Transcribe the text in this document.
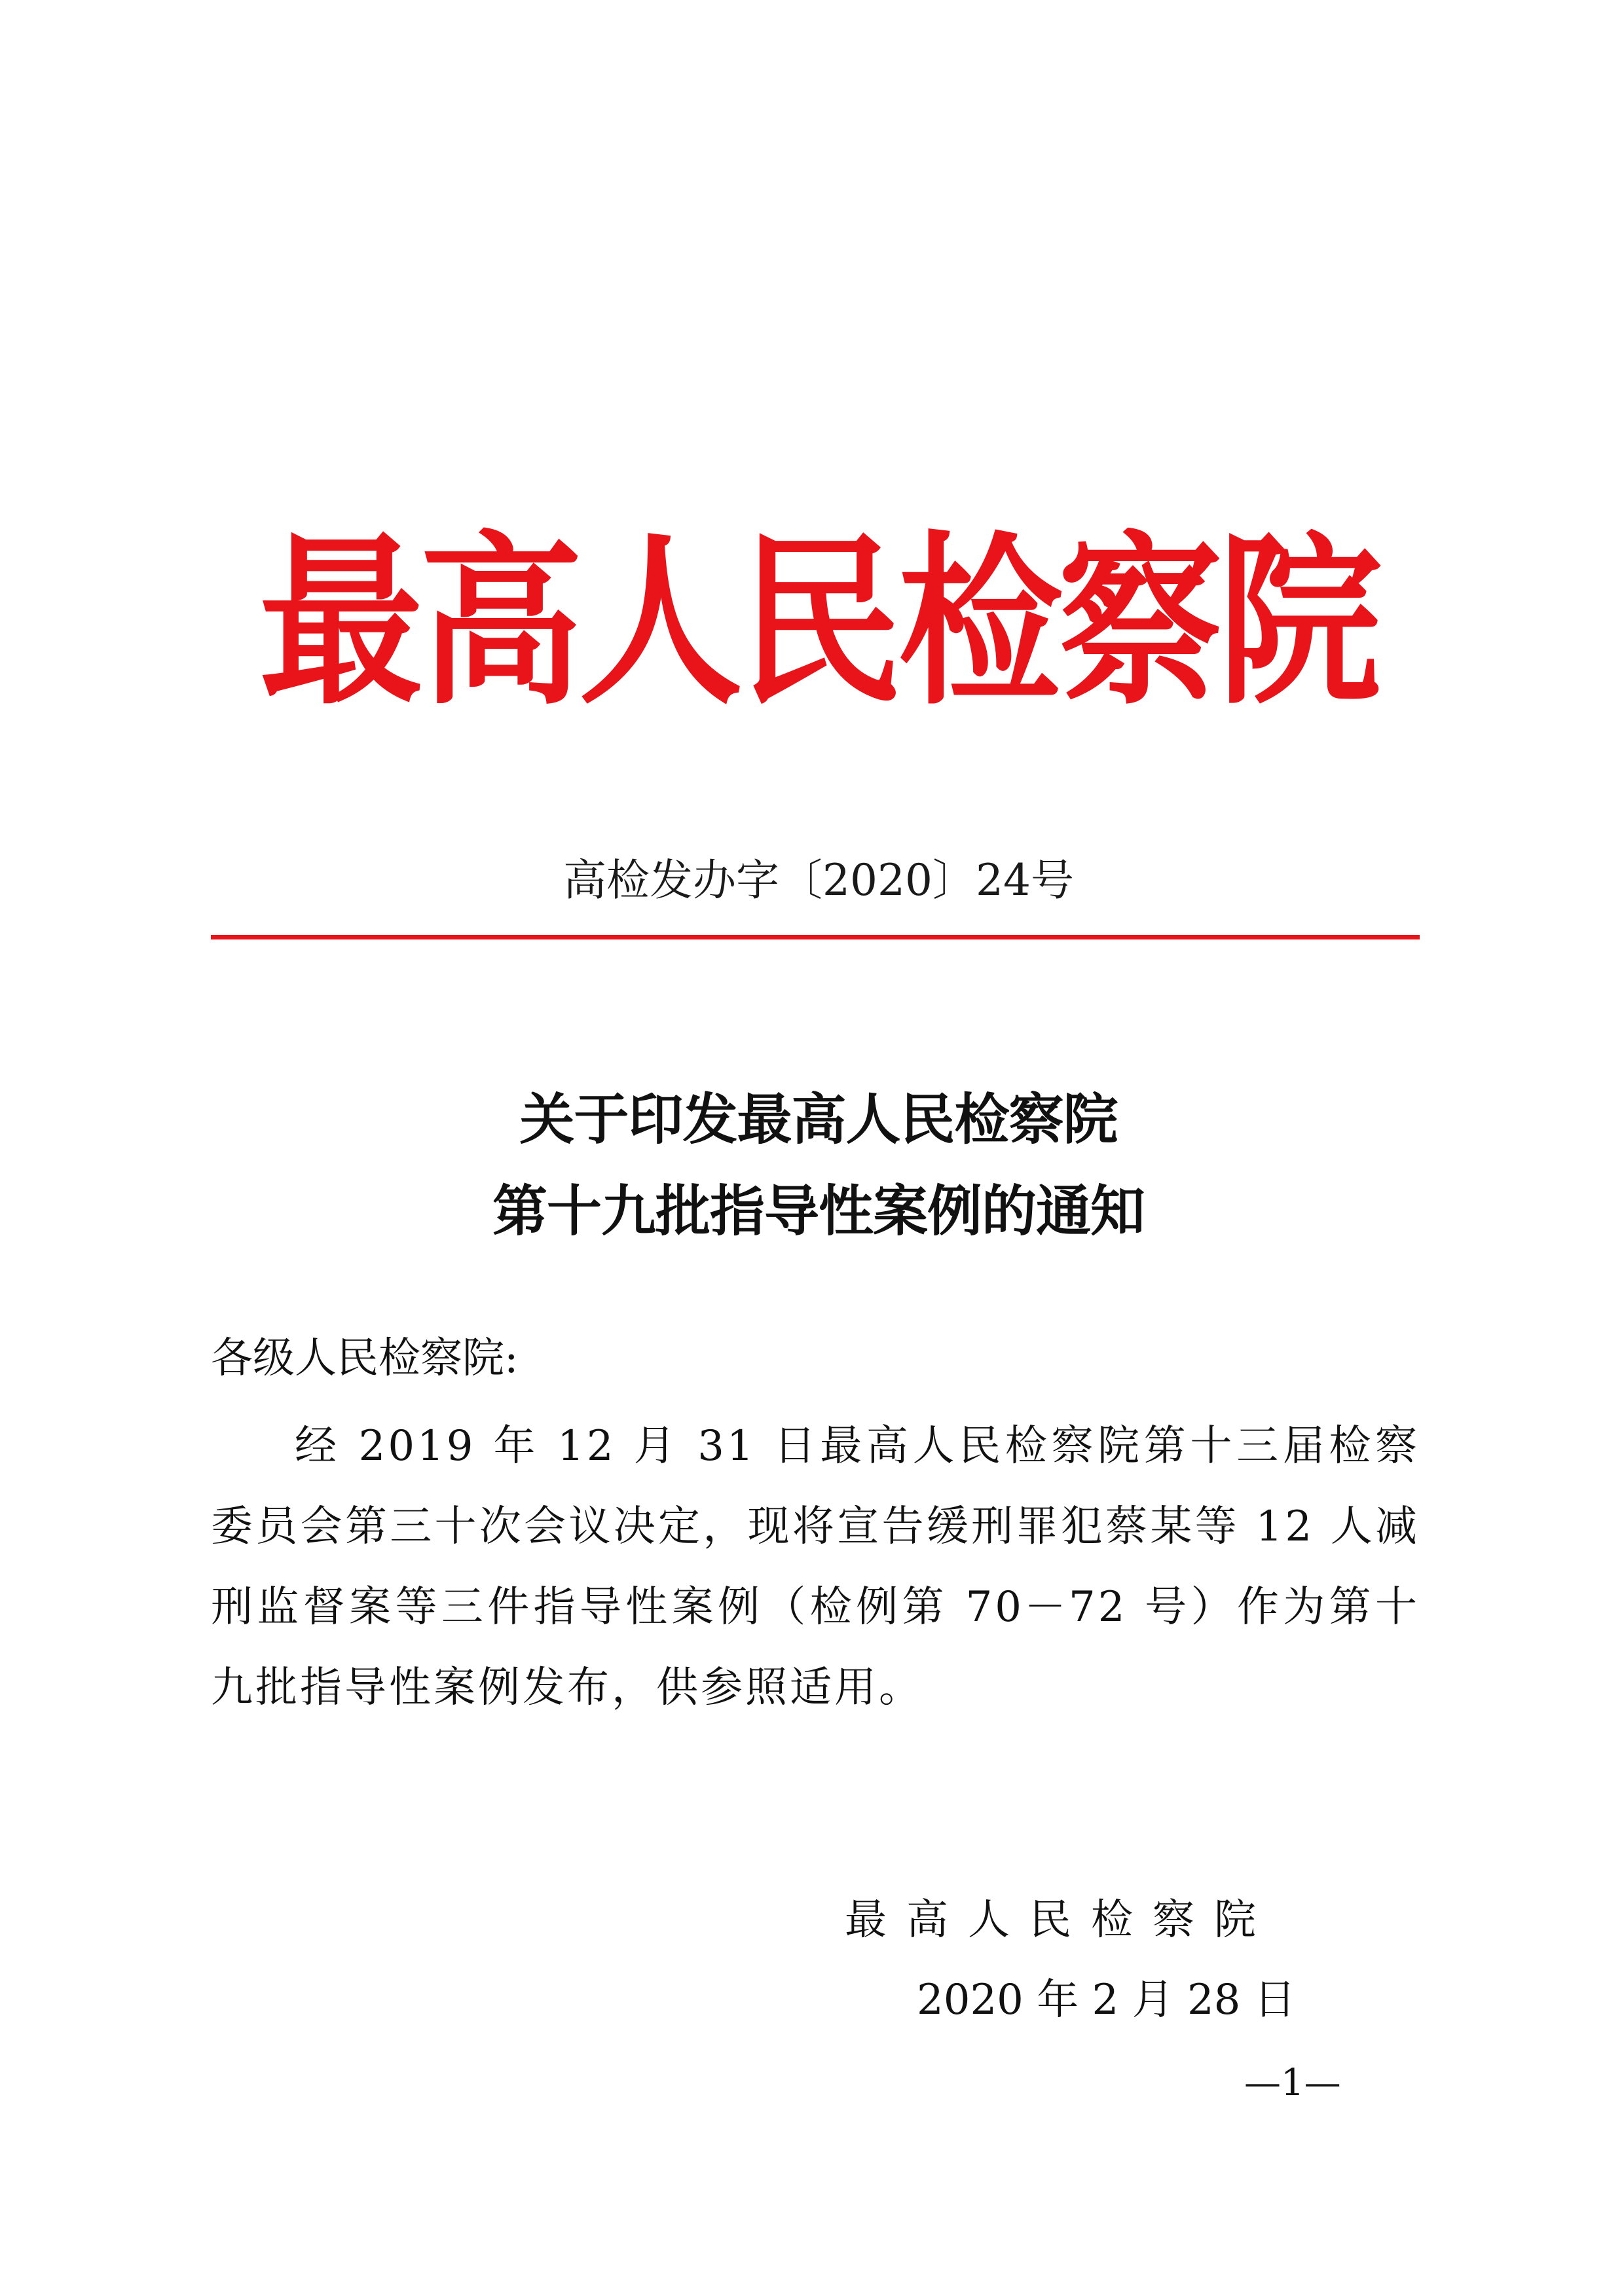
最高人民检察院
高检发办字〔2020〕24号
关于印发最高人民检察院
第十九批指导性案例的通知
各级人民检察院:
经 2019 年 12 月 31 日最高人民检察院第十三届检察委员会第三十次会议决定，现将宣告缓刑罪犯蔡某等 12 人减刑监督案等三件指导性案例（检例第 70－72 号）作为第十九批指导性案例发布，供参照适用。
最高人民检察院
2020 年 2 月 28 日
—1—
